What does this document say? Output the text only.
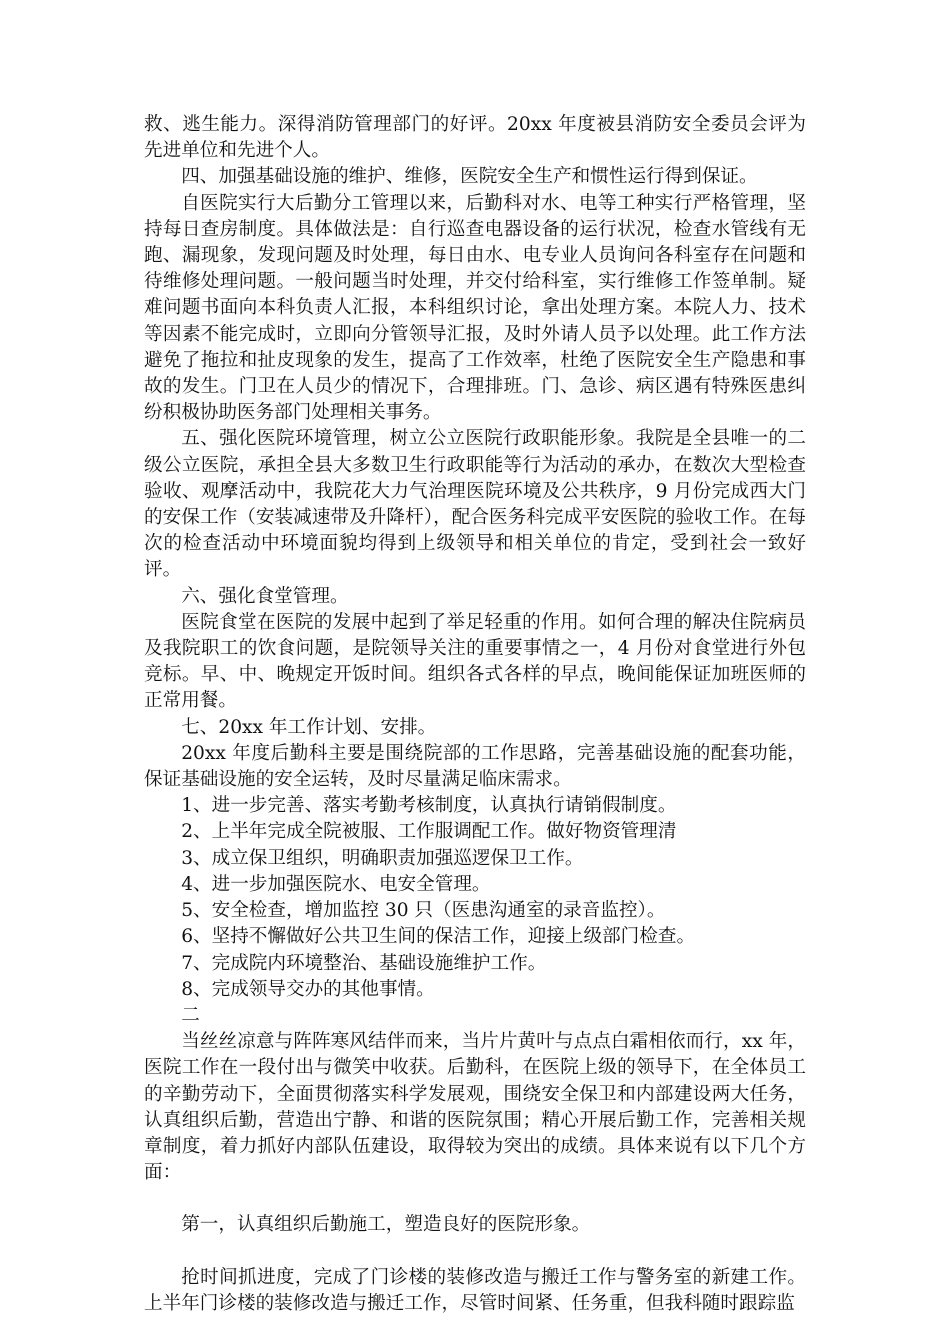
救、逃生能力。深得消防管理部门的好评。20xx 年度被县消防安全委员会评为先进单位和先进个人。

四、加强基础设施的维护、维修，医院安全生产和惯性运行得到保证。

自医院实行大后勤分工管理以来，后勤科对水、电等工种实行严格管理，坚持每日查房制度。具体做法是：自行巡查电器设备的运行状况，检查水管线有无跑、漏现象，发现问题及时处理，每日由水、电专业人员询问各科室存在问题和待维修处理问题。一般问题当时处理，并交付给科室，实行维修工作签单制。疑难问题书面向本科负责人汇报，本科组织讨论，拿出处理方案。本院人力、技术等因素不能完成时，立即向分管领导汇报，及时外请人员予以处理。此工作方法避免了拖拉和扯皮现象的发生，提高了工作效率，杜绝了医院安全生产隐患和事故的发生。门卫在人员少的情况下，合理排班。门、急诊、病区遇有特殊医患纠纷积极协助医务部门处理相关事务。

五、强化医院环境管理，树立公立医院行政职能形象。我院是全县唯一的二级公立医院，承担全县大多数卫生行政职能等行为活动的承办，在数次大型检查验收、观摩活动中，我院花大力气治理医院环境及公共秩序，9 月份完成西大门的安保工作（安装减速带及升降杆），配合医务科完成平安医院的验收工作。在每次的检查活动中环境面貌均得到上级领导和相关单位的肯定，受到社会一致好评。

六、强化食堂管理。

医院食堂在医院的发展中起到了举足轻重的作用。如何合理的解决住院病员及我院职工的饮食问题，是院领导关注的重要事情之一，4 月份对食堂进行外包竞标。早、中、晚规定开饭时间。组织各式各样的早点，晚间能保证加班医师的正常用餐。

七、20xx 年工作计划、安排。

20xx 年度后勤科主要是围绕院部的工作思路，完善基础设施的配套功能，保证基础设施的安全运转，及时尽量满足临床需求。

1、进一步完善、落实考勤考核制度，认真执行请销假制度。

2、上半年完成全院被服、工作服调配工作。做好物资管理清

3、成立保卫组织，明确职责加强巡逻保卫工作。

4、进一步加强医院水、电安全管理。

5、安全检查，增加监控 30 只（医患沟通室的录音监控）。

6、坚持不懈做好公共卫生间的保洁工作，迎接上级部门检查。

7、完成院内环境整治、基础设施维护工作。

8、完成领导交办的其他事情。

二

当丝丝凉意与阵阵寒风结伴而来，当片片黄叶与点点白霜相依而行，xx 年，医院工作在一段付出与微笑中收获。后勤科，在医院上级的领导下，在全体员工的辛勤劳动下，全面贯彻落实科学发展观，围绕安全保卫和内部建设两大任务，认真组织后勤，营造出宁静、和谐的医院氛围；精心开展后勤工作，完善相关规章制度，着力抓好内部队伍建设，取得较为突出的成绩。具体来说有以下几个方面：

第一，认真组织后勤施工，塑造良好的医院形象。

抢时间抓进度，完成了门诊楼的装修改造与搬迁工作与警务室的新建工作。上半年门诊楼的装修改造与搬迁工作，尽管时间紧、任务重，但我科随时跟踪监
